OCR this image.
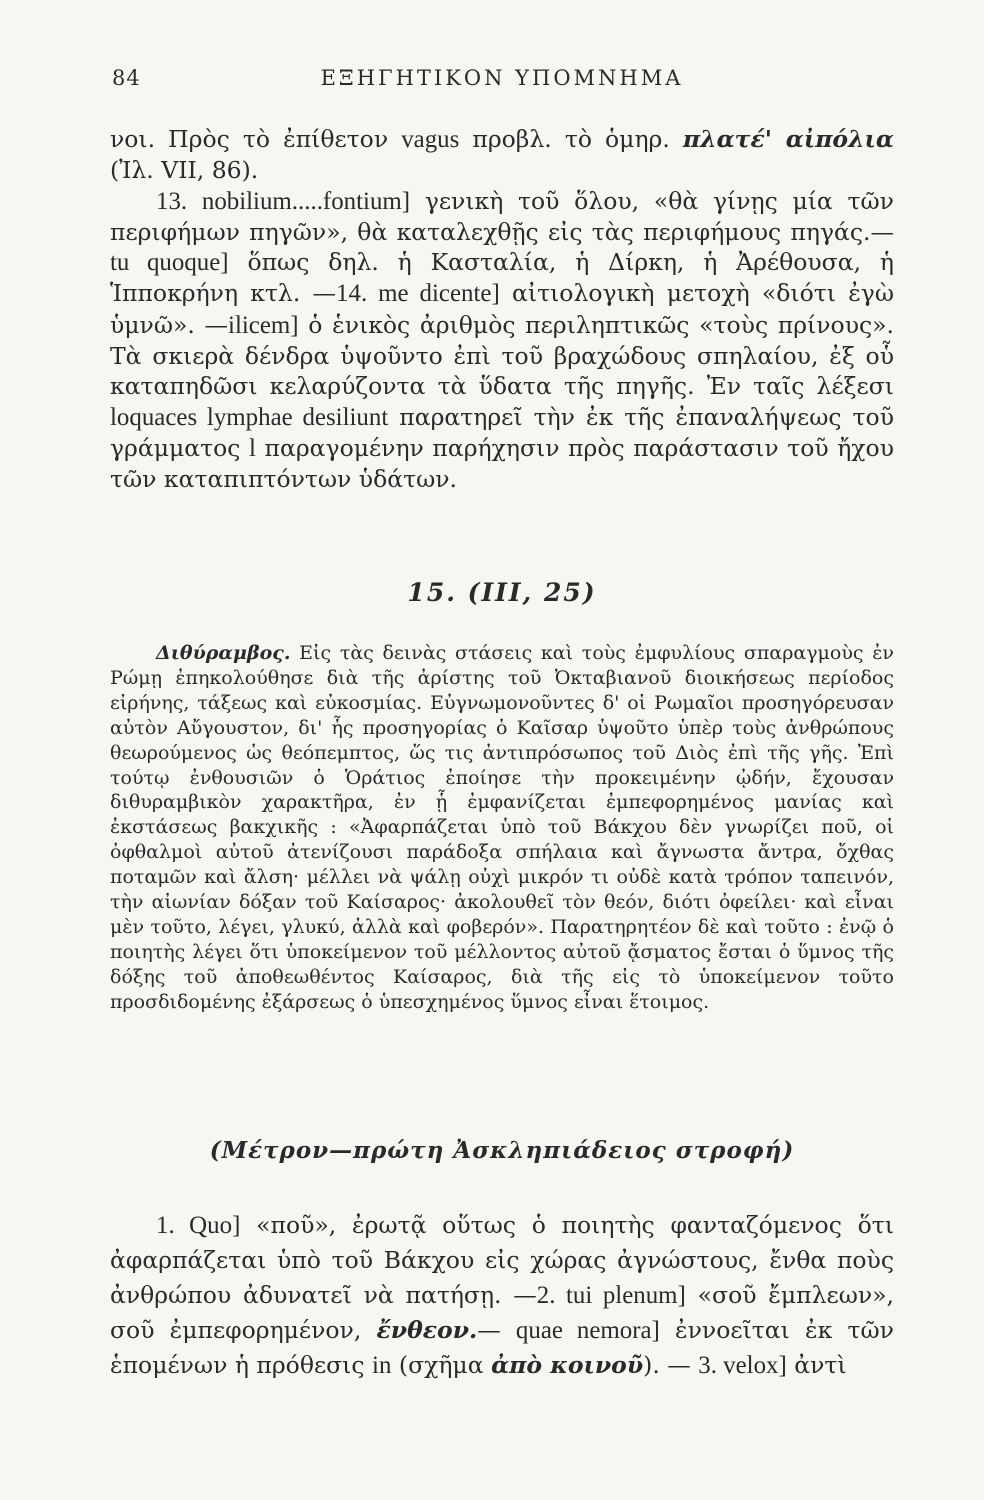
84	ΕΞΗΓΗΤΙΚΟΝ ΥΠΟΜΝΗΜΑ

νοι. Πρὸς τὸ ἐπίθετον vagus προβλ. τὸ ὁμηρ. πλατέ' αἰπόλια (Ἰλ. VII, 86).
13. nobilium.....fontium] γενικὴ τοῦ ὅλου, «θὰ γίνῃς μία τῶν περιφήμων πηγῶν», θὰ καταλεχθῇς εἰς τὰς περιφήμους πηγάς.—tu quoque] ὅπως δηλ. ἡ Κασταλία, ἡ Δίρκη, ἡ Ἀρέθουσα, ἡ Ἱπποκρήνη κτλ. —14. me dicente] αἰτιολογικὴ μετοχὴ «διότι ἐγὼ ὑμνῶ». —ilicem] ὁ ἑνικὸς ἀριθμὸς περιληπτικῶς «τοὺς πρίνους». Τὰ σκιερὰ δένδρα ὑψοῦντο ἐπὶ τοῦ βραχώδους σπηλαίου, ἐξ οὗ καταπηδῶσι κελαρύζοντα τὰ ὕδατα τῆς πηγῆς. Ἐν ταῖς λέξεσι loquaces lymphae desiliunt παρατηρεῖ τὴν ἐκ τῆς ἐπαναλήψεως τοῦ γράμματος l παραγομένην παρήχησιν πρὸς παράστασιν τοῦ ἤχου τῶν καταπιπτόντων ὑδάτων.

15. (III, 25)

Διθύραμβος. Εἰς τὰς δεινὰς στάσεις καὶ τοὺς ἐμφυλίους σπαραγμοὺς ἐν Ρώμῃ ἐπηκολούθησε διὰ τῆς ἀρίστης τοῦ Ὀκταβιανοῦ διοικήσεως περίοδος εἰρήνης, τάξεως καὶ εὐκοσμίας. Εὐγνωμονοῦντες δ' οἱ Ρωμαῖοι προσηγόρευσαν αὐτὸν Αὔγουστον, δι' ἧς προσηγορίας ὁ Καῖσαρ ὑψοῦτο ὑπὲρ τοὺς ἀνθρώπους θεωρούμενος ὡς θεόπεμπτος, ὥς τις ἀντιπρόσωπος τοῦ Διὸς ἐπὶ τῆς γῆς. Ἐπὶ τούτῳ ἐνθουσιῶν ὁ Ὁράτιος ἐποίησε τὴν προκειμένην ᾠδήν, ἔχουσαν διθυραμβικὸν χαρακτῆρα, ἐν ᾗ ἐμφανίζεται ἐμπεφορημένος μανίας καὶ ἐκστάσεως βακχικῆς : «Ἀφαρπάζεται ὑπὸ τοῦ Βάκχου δὲν γνωρίζει ποῦ, οἱ ὀφθαλμοὶ αὐτοῦ ἀτενίζουσι παράδοξα σπήλαια καὶ ἄγνωστα ἄντρα, ὄχθας ποταμῶν καὶ ἄλση· μέλλει νὰ ψάλῃ οὐχὶ μικρόν τι οὐδὲ κατὰ τρόπον ταπεινόν, τὴν αἰωνίαν δόξαν τοῦ Καίσαρος· ἀκολουθεῖ τὸν θεόν, διότι ὀφείλει· καὶ εἶναι μὲν τοῦτο, λέγει, γλυκύ, ἀλλὰ καὶ φοβερόν». Παρατηρητέον δὲ καὶ τοῦτο : ἐνῷ ὁ ποιητὴς λέγει ὅτι ὑποκείμενον τοῦ μέλλοντος αὐτοῦ ᾄσματος ἔσται ὁ ὕμνος τῆς δόξης τοῦ ἀποθεωθέντος Καίσαρος, διὰ τῆς εἰς τὸ ὑποκείμενον τοῦτο προσδιδομένης ἐξάρσεως ὁ ὑπεσχημένος ὕμνος εἶναι ἕτοιμος.

(Μέτρον—πρώτη Ἀσκληπιάδειος στροφή)

1. Quo] «ποῦ», ἐρωτᾷ οὕτως ὁ ποιητὴς φανταζόμενος ὅτι ἀφαρπάζεται ὑπὸ τοῦ Βάκχου εἰς χώρας ἀγνώστους, ἔνθα ποὺς ἀνθρώπου ἀδυνατεῖ νὰ πατήσῃ. —2. tui plenum] «σοῦ ἔμπλεων», σοῦ ἐμπεφορημένον, ἔνθεον.— quae nemora] ἐννοεῖται ἐκ τῶν ἑπομένων ἡ πρόθεσις in (σχῆμα ἀπὸ κοινοῦ). — 3. velox] ἀντὶ
